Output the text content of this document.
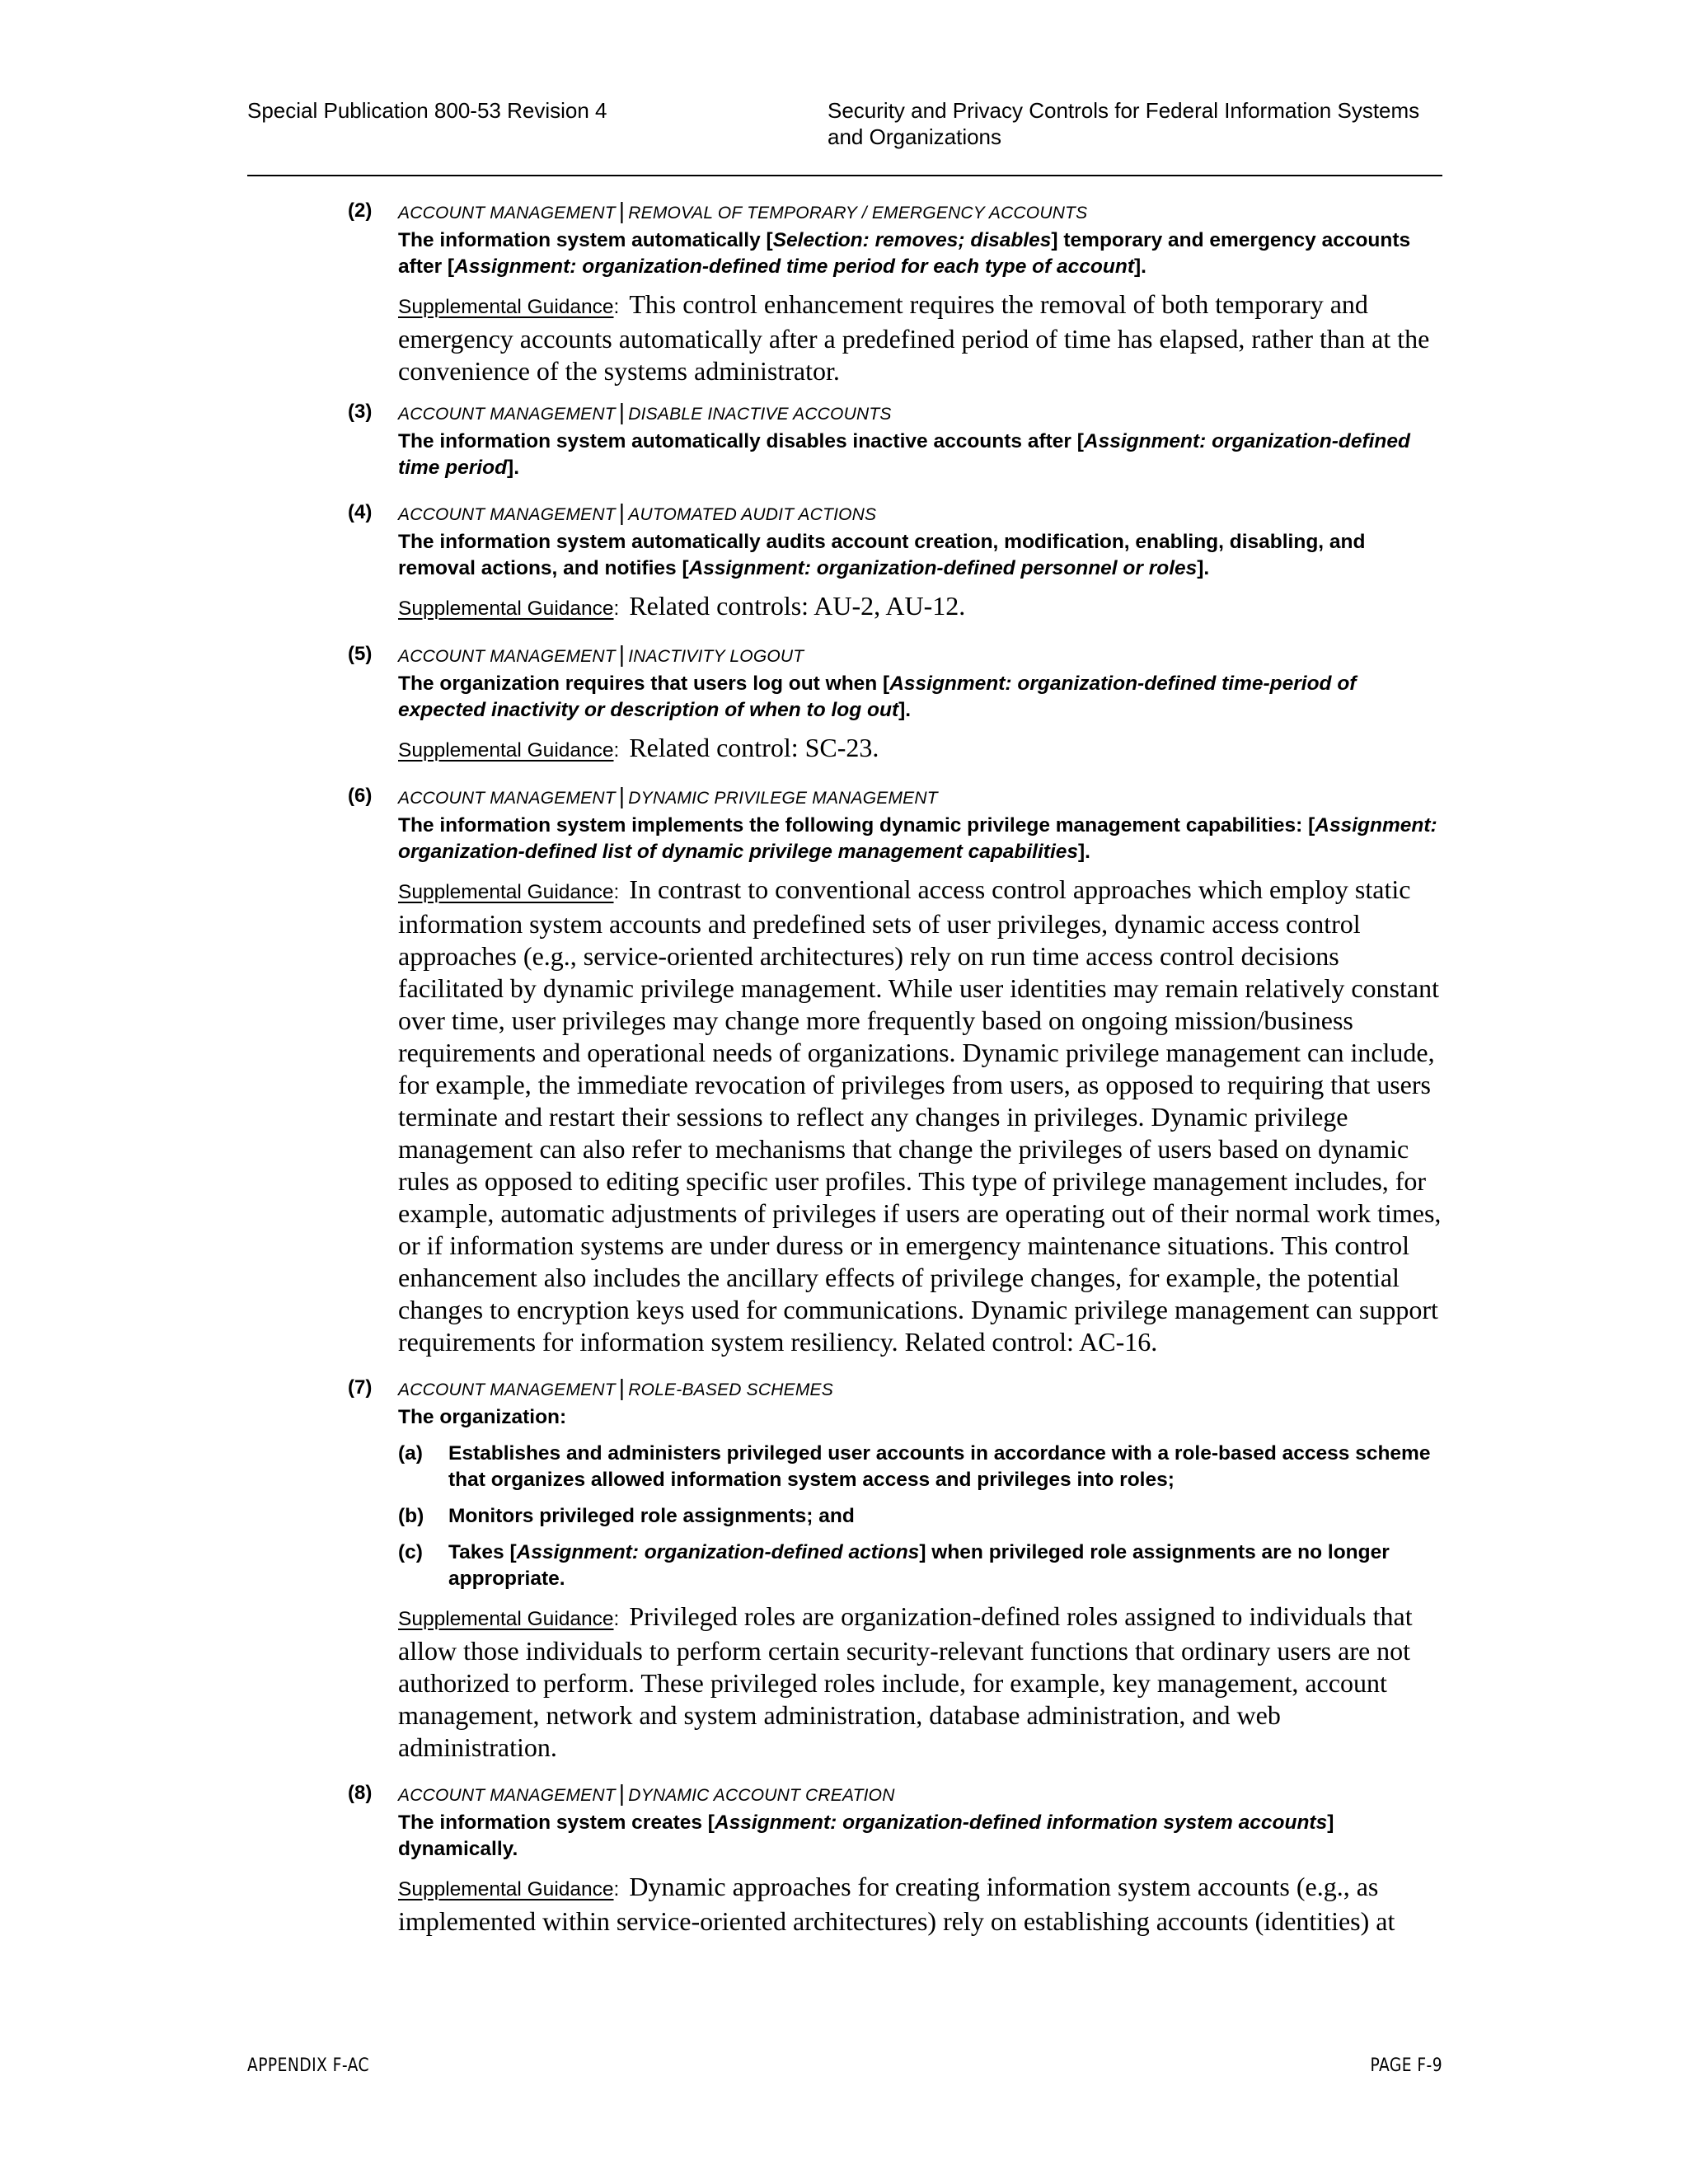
Special Publication 800-53 Revision 4	Security and Privacy Controls for Federal Information Systems
and Organizations
(2) ACCOUNT MANAGEMENT | REMOVAL OF TEMPORARY / EMERGENCY ACCOUNTS
The information system automatically [Selection: removes; disables] temporary and emergency accounts after [Assignment: organization-defined time period for each type of account].
Supplemental Guidance: This control enhancement requires the removal of both temporary and emergency accounts automatically after a predefined period of time has elapsed, rather than at the convenience of the systems administrator.
(3) ACCOUNT MANAGEMENT | DISABLE INACTIVE ACCOUNTS
The information system automatically disables inactive accounts after [Assignment: organization-defined time period].
(4) ACCOUNT MANAGEMENT | AUTOMATED AUDIT ACTIONS
The information system automatically audits account creation, modification, enabling, disabling, and removal actions, and notifies [Assignment: organization-defined personnel or roles].
Supplemental Guidance: Related controls: AU-2, AU-12.
(5) ACCOUNT MANAGEMENT | INACTIVITY LOGOUT
The organization requires that users log out when [Assignment: organization-defined time-period of expected inactivity or description of when to log out].
Supplemental Guidance: Related control: SC-23.
(6) ACCOUNT MANAGEMENT | DYNAMIC PRIVILEGE MANAGEMENT
The information system implements the following dynamic privilege management capabilities: [Assignment: organization-defined list of dynamic privilege management capabilities].
Supplemental Guidance: In contrast to conventional access control approaches which employ static information system accounts and predefined sets of user privileges, dynamic access control approaches (e.g., service-oriented architectures) rely on run time access control decisions facilitated by dynamic privilege management. While user identities may remain relatively constant over time, user privileges may change more frequently based on ongoing mission/business requirements and operational needs of organizations. Dynamic privilege management can include, for example, the immediate revocation of privileges from users, as opposed to requiring that users terminate and restart their sessions to reflect any changes in privileges. Dynamic privilege management can also refer to mechanisms that change the privileges of users based on dynamic rules as opposed to editing specific user profiles. This type of privilege management includes, for example, automatic adjustments of privileges if users are operating out of their normal work times, or if information systems are under duress or in emergency maintenance situations. This control enhancement also includes the ancillary effects of privilege changes, for example, the potential changes to encryption keys used for communications. Dynamic privilege management can support requirements for information system resiliency. Related control: AC-16.
(7) ACCOUNT MANAGEMENT | ROLE-BASED SCHEMES
The organization:
(a) Establishes and administers privileged user accounts in accordance with a role-based access scheme that organizes allowed information system access and privileges into roles;
(b) Monitors privileged role assignments; and
(c) Takes [Assignment: organization-defined actions] when privileged role assignments are no longer appropriate.
Supplemental Guidance: Privileged roles are organization-defined roles assigned to individuals that allow those individuals to perform certain security-relevant functions that ordinary users are not authorized to perform. These privileged roles include, for example, key management, account management, network and system administration, database administration, and web administration.
(8) ACCOUNT MANAGEMENT | DYNAMIC ACCOUNT CREATION
The information system creates [Assignment: organization-defined information system accounts] dynamically.
Supplemental Guidance: Dynamic approaches for creating information system accounts (e.g., as implemented within service-oriented architectures) rely on establishing accounts (identities) at
APPENDIX F-AC	PAGE F-9
